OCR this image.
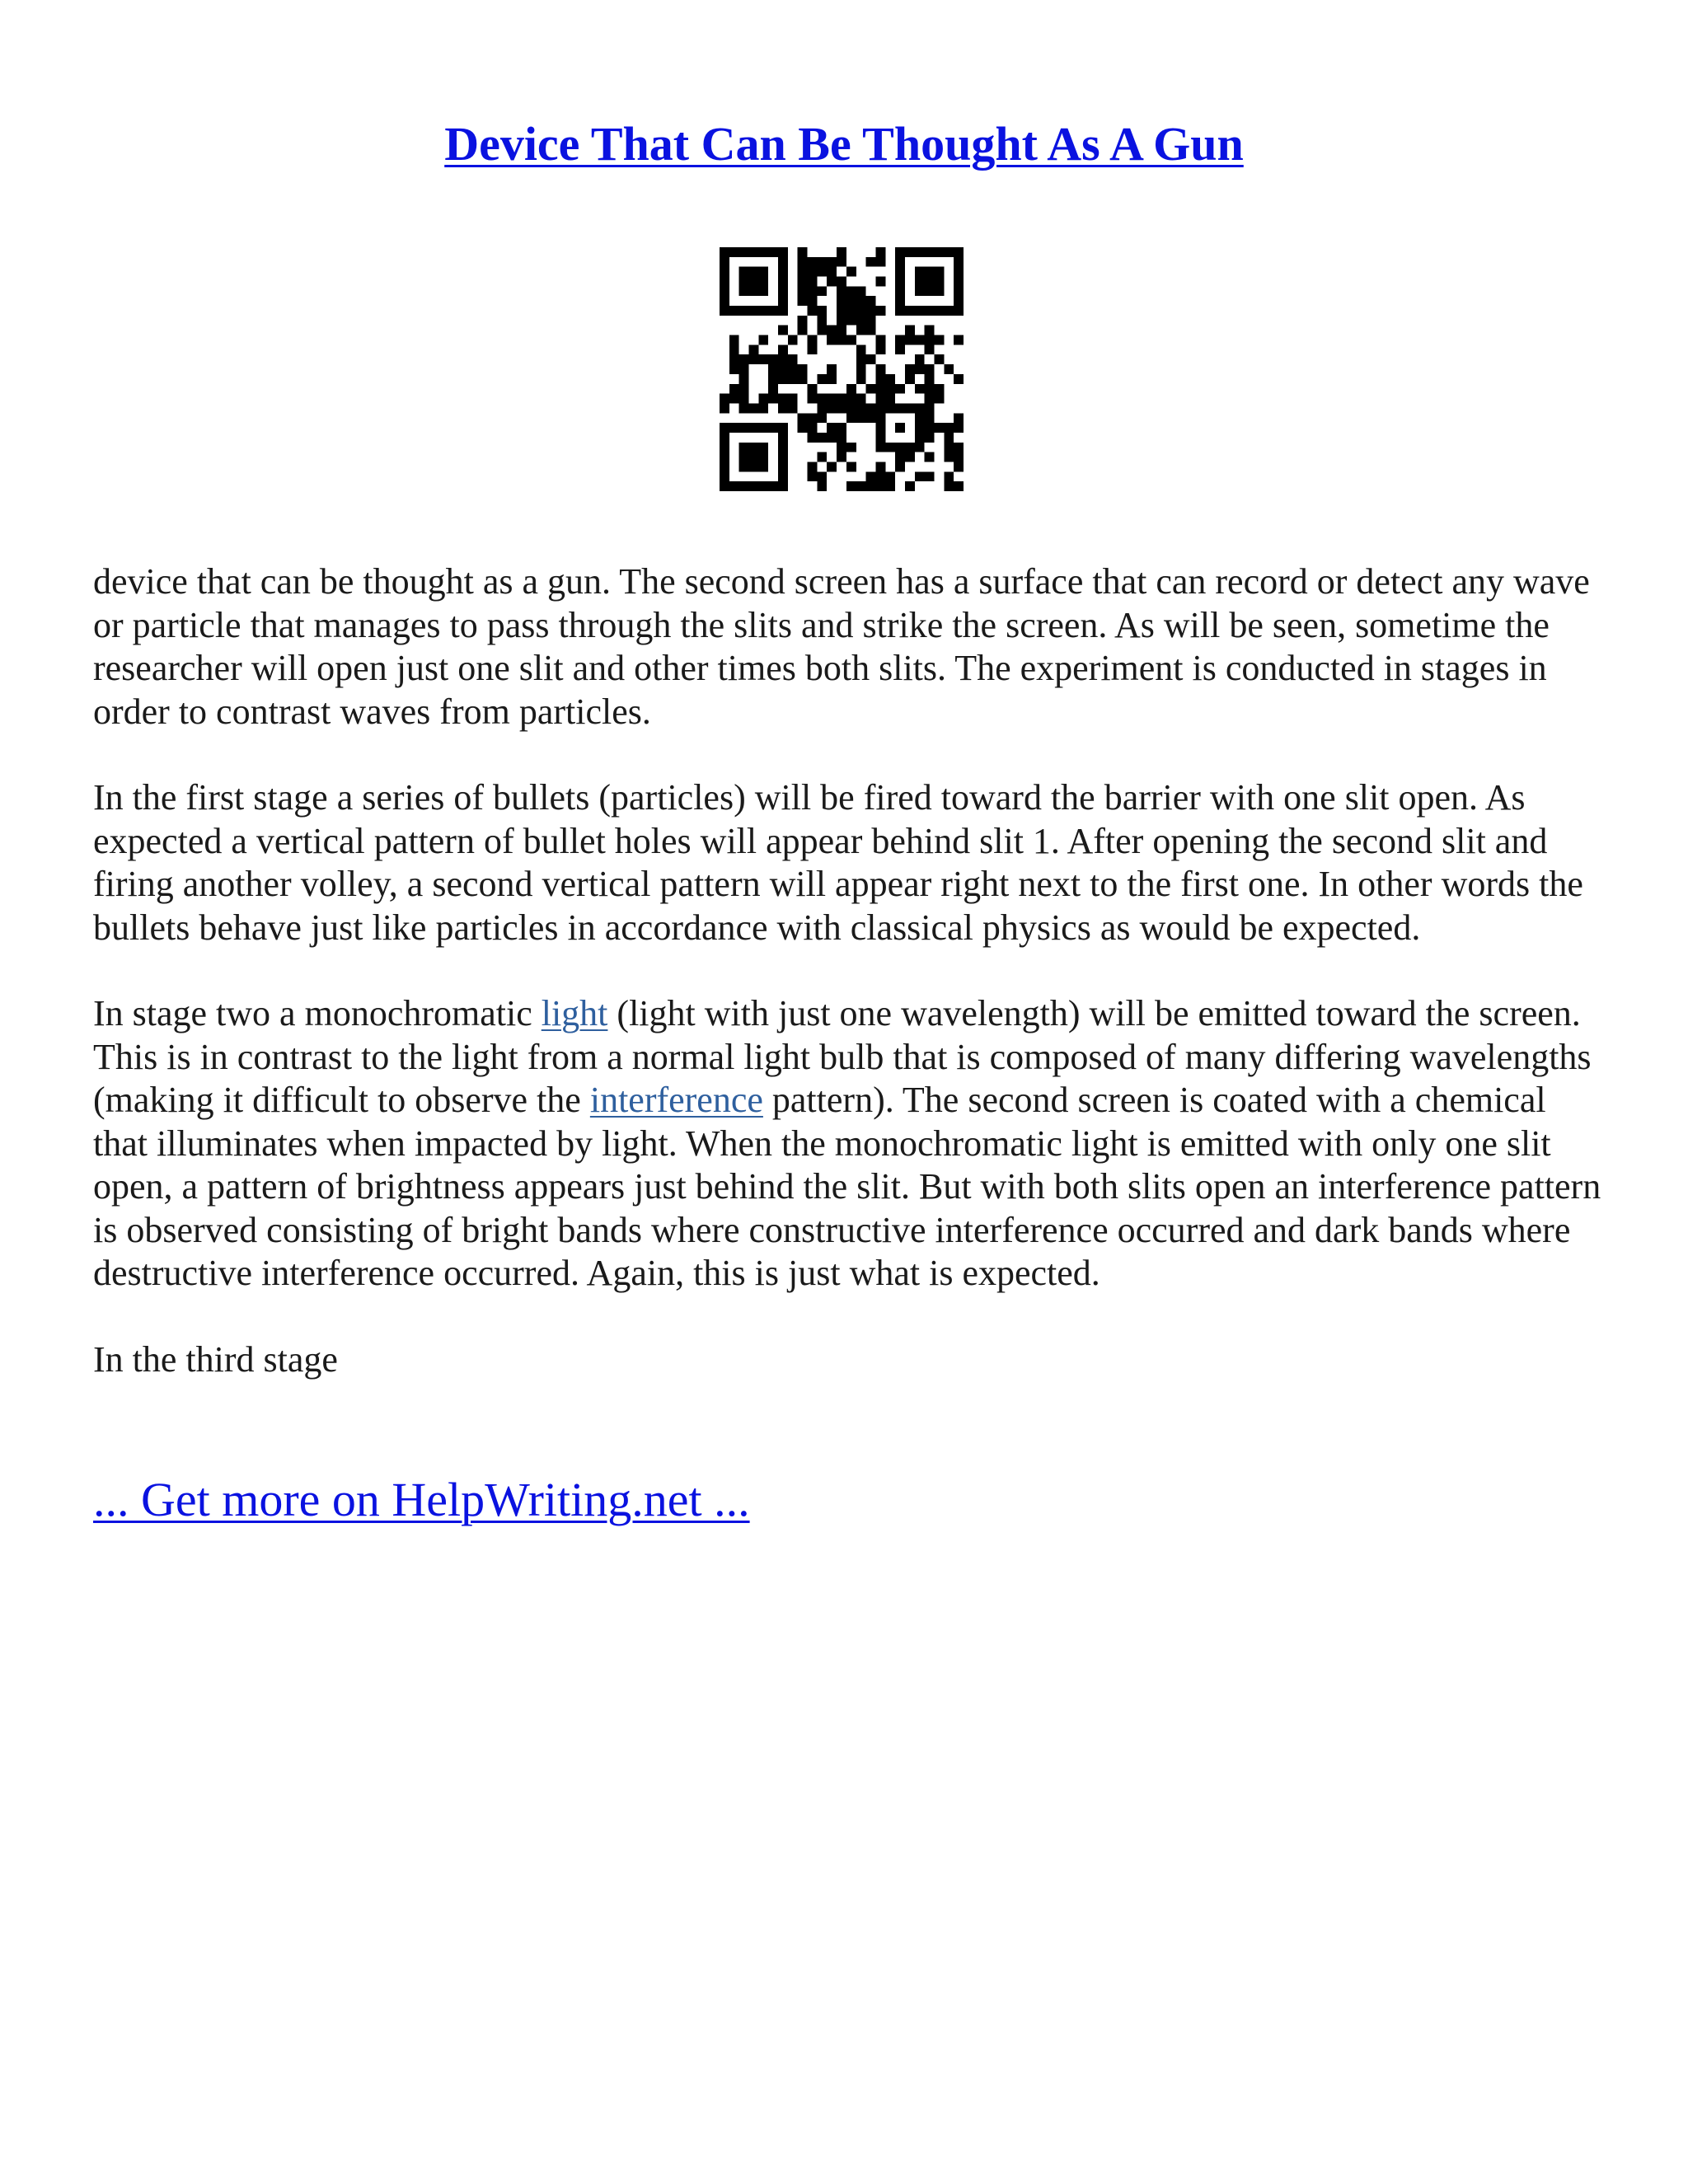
Device That Can Be Thought As A Gun

device that can be thought as a gun. The second screen has a surface that can record or detect any wave or particle that manages to pass through the slits and strike the screen. As will be seen, sometime the researcher will open just one slit and other times both slits. The experiment is conducted in stages in order to contrast waves from particles.

In the first stage a series of bullets (particles) will be fired toward the barrier with one slit open. As expected a vertical pattern of bullet holes will appear behind slit 1. After opening the second slit and firing another volley, a second vertical pattern will appear right next to the first one. In other words the bullets behave just like particles in accordance with classical physics as would be expected.

In stage two a monochromatic light (light with just one wavelength) will be emitted toward the screen. This is in contrast to the light from a normal light bulb that is composed of many differing wavelengths (making it difficult to observe the interference pattern). The second screen is coated with a chemical that illuminates when impacted by light. When the monochromatic light is emitted with only one slit open, a pattern of brightness appears just behind the slit. But with both slits open an interference pattern is observed consisting of bright bands where constructive interference occurred and dark bands where destructive interference occurred. Again, this is just what is expected.

In the third stage

... Get more on HelpWriting.net ...
